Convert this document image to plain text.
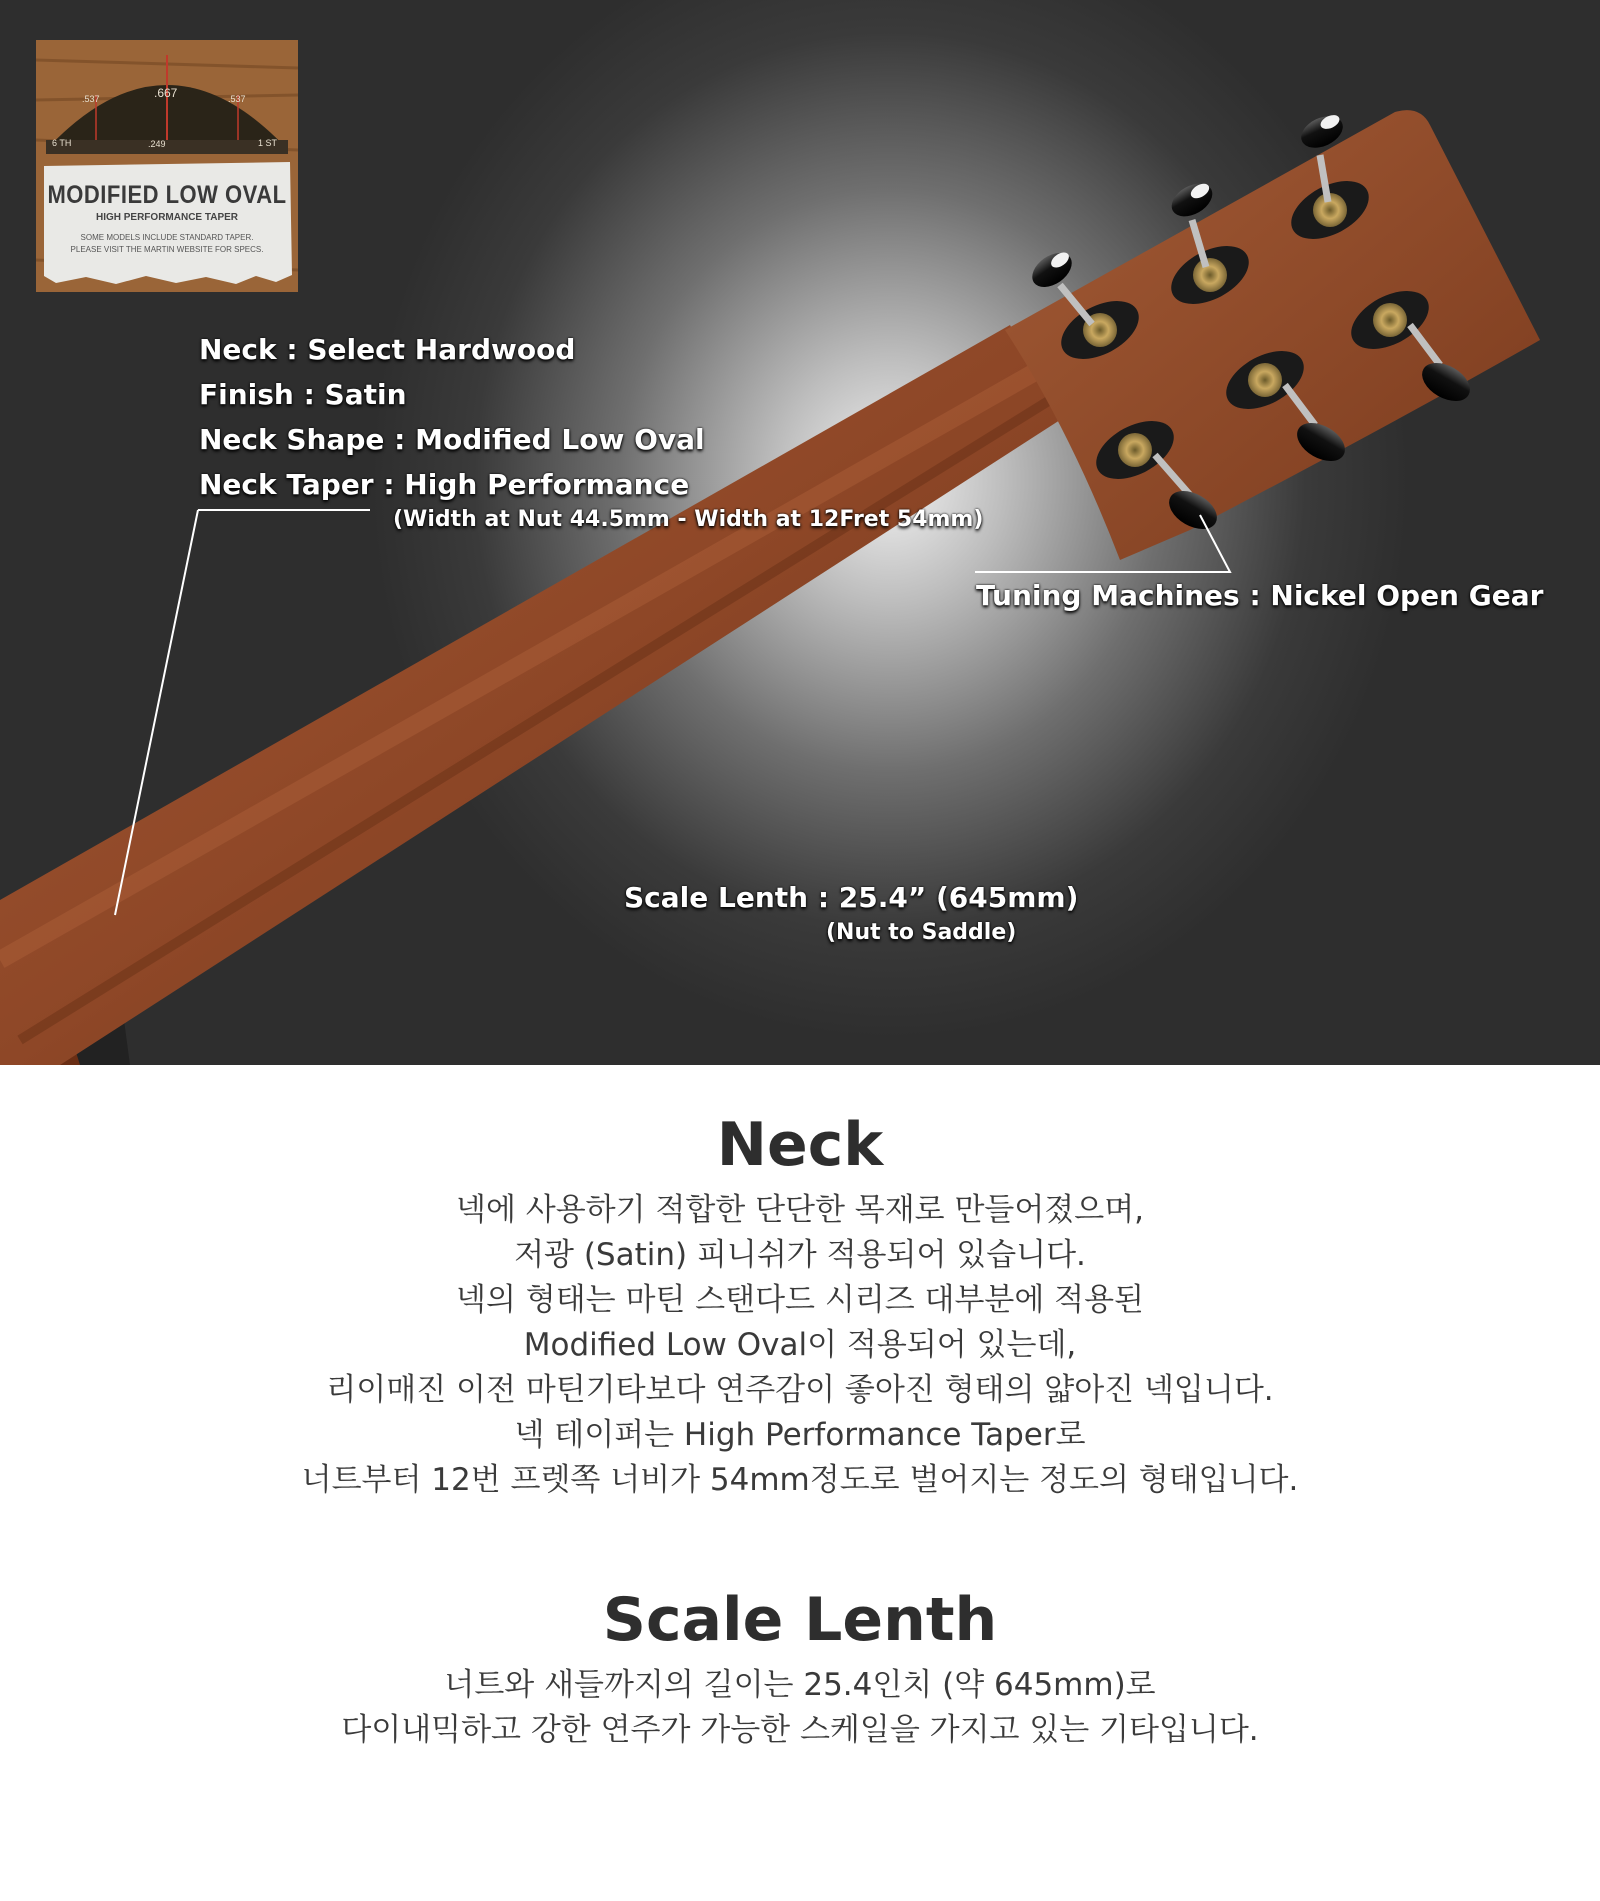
.537	.667	.537
6 TH	.249	1 ST
MODIFIED LOW OVAL
HIGH PERFORMANCE TAPER
SOME MODELS INCLUDE STANDARD TAPER.
PLEASE VISIT THE MARTIN WEBSITE FOR SPECS.
Neck : Select Hardwood
Finish : Satin
Neck Shape : Modified Low Oval
Neck Taper : High Performance
(Width at Nut 44.5mm - Width at 12Fret 54mm)
Tuning Machines : Nickel Open Gear
Scale Lenth : 25.4” (645mm)
(Nut to Saddle)
Neck
넥에 사용하기 적합한 단단한 목재로 만들어졌으며,
저광 (Satin) 피니쉬가 적용되어 있습니다.
넥의 형태는 마틴 스탠다드 시리즈 대부분에 적용된
Modified Low Oval이 적용되어 있는데,
리이매진 이전 마틴기타보다 연주감이 좋아진 형태의 얇아진 넥입니다.
넥 테이퍼는 High Performance Taper로
너트부터 12번 프렛쪽 너비가 54mm정도로 벌어지는 정도의 형태입니다.
Scale Lenth
너트와 새들까지의 길이는 25.4인치 (약 645mm)로
다이내믹하고 강한 연주가 가능한 스케일을 가지고 있는 기타입니다.
